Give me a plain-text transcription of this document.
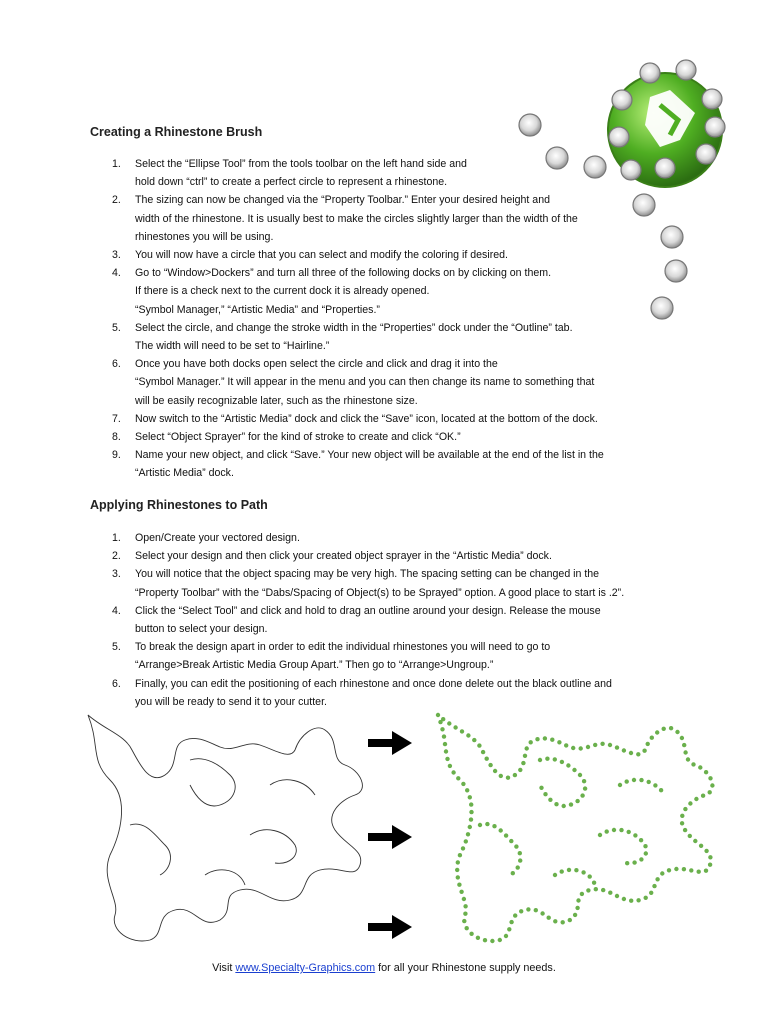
Creating a Rhinestone Brush
1. Select the “Ellipse Tool” from the tools toolbar on the left hand side and
hold down “ctrl” to create a perfect circle to represent a rhinestone.
2. The sizing can now be changed via the “Property Toolbar.” Enter your desired height and
width of the rhinestone. It is usually best to make the circles slightly larger than the width of the
rhinestones you will be using.
3. You will now have a circle that you can select and modify the coloring if desired.
4. Go to “Window>Dockers” and turn all three of the following docks on by clicking on them.
If there is a check next to the current dock it is already opened.
“Symbol Manager,” “Artistic Media” and “Properties.”
5. Select the circle, and change the stroke width in the “Properties” dock under the “Outline” tab.
The width will need to be set to “Hairline.”
6. Once you have both docks open select the circle and click and drag it into the
“Symbol Manager.” It will appear in the menu and you can then change its name to something that
will be easily recognizable later, such as the rhinestone size.
7. Now switch to the “Artistic Media” dock and click the “Save” icon, located at the bottom of the dock.
8. Select “Object Sprayer” for the kind of stroke to create and click “OK.”
9. Name your new object, and click “Save.” Your new object will be available at the end of the list in the
“Artistic Media” dock.
Applying Rhinestones to Path
1. Open/Create your vectored design.
2. Select your design and then click your created object sprayer in the “Artistic Media” dock.
3. You will notice that the object spacing may be very high. The spacing setting can be changed in the
“Property Toolbar” with the “Dabs/Spacing of Object(s) to be Sprayed” option. A good place to start is .2”.
4. Click the “Select Tool” and click and hold to drag an outline around your design. Release the mouse
button to select your design.
5. To break the design apart in order to edit the individual rhinestones you will need to go to
“Arrange>Break Artistic Media Group Apart.” Then go to “Arrange>Ungroup.”
6. Finally, you can edit the positioning of each rhinestone and once done delete out the black outline and
you will be ready to send it to your cutter.
Visit www.Specialty-Graphics.com for all your Rhinestone supply needs.
